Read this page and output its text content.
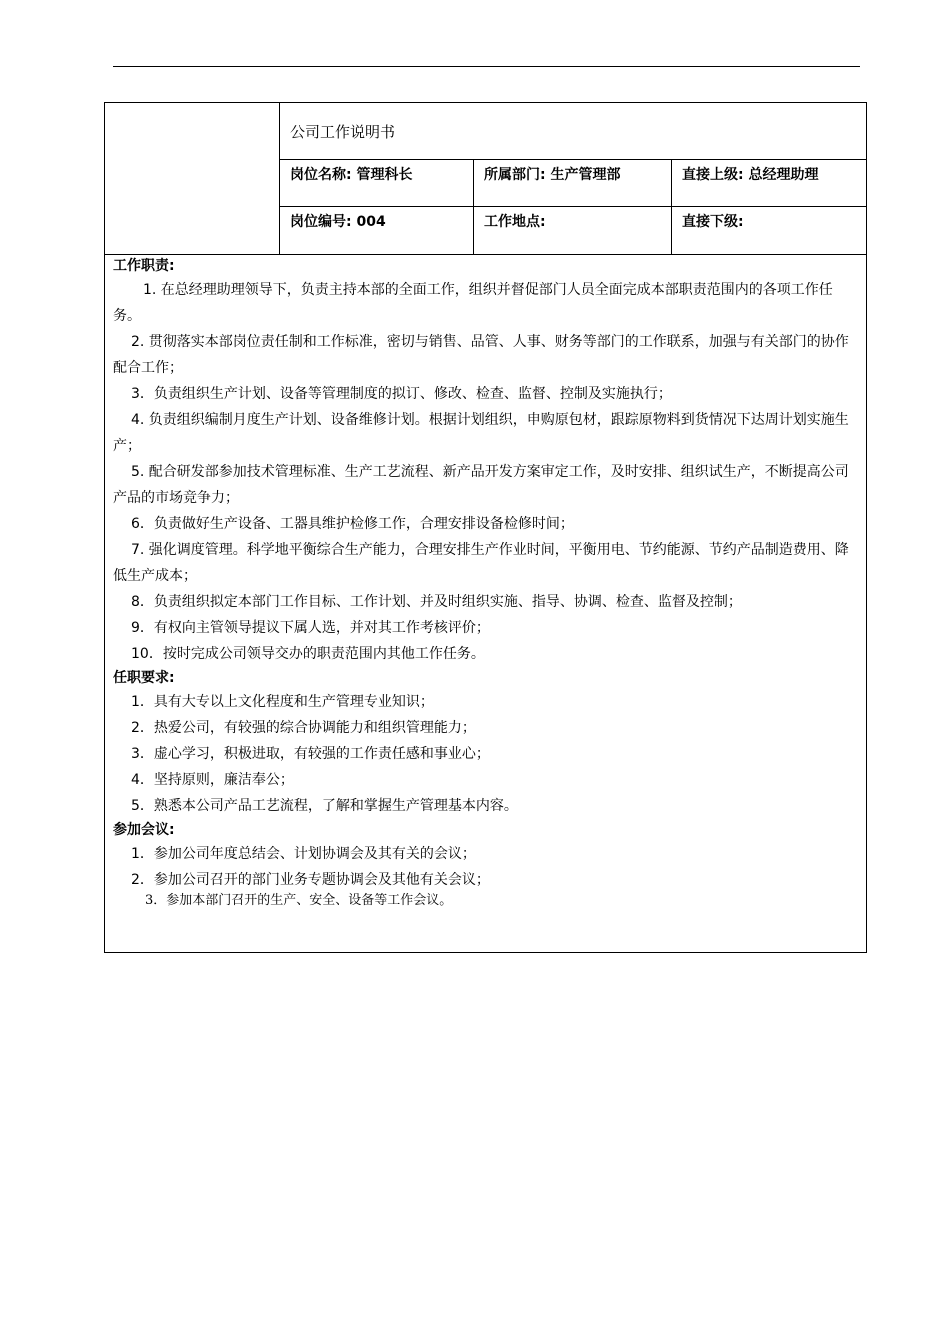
公司工作说明书
岗位名称: 管理科长	所属部门: 生产管理部	直接上级: 总经理助理
岗位编号: 004	工作地点:	直接下级:
工作职责:
1. 在总经理助理领导下，负责主持本部的全面工作，组织并督促部门人员全面完成本部职责范围内的各项工作任务。
2. 贯彻落实本部岗位责任制和工作标准，密切与销售、品管、人事、财务等部门的工作联系，加强与有关部门的协作配合工作；
3．负责组织生产计划、设备等管理制度的拟订、修改、检查、监督、控制及实施执行；
4. 负责组织编制月度生产计划、设备维修计划。根据计划组织，申购原包材，跟踪原物料到货情况下达周计划实施生产；
5. 配合研发部参加技术管理标准、生产工艺流程、新产品开发方案审定工作，及时安排、组织试生产，不断提高公司产品的市场竞争力；
6．负责做好生产设备、工器具维护检修工作，合理安排设备检修时间；
7. 强化调度管理。科学地平衡综合生产能力，合理安排生产作业时间，平衡用电、节约能源、节约产品制造费用、降低生产成本；
8．负责组织拟定本部门工作目标、工作计划、并及时组织实施、指导、协调、检查、监督及控制；
9．有权向主管领导提议下属人选，并对其工作考核评价；
10．按时完成公司领导交办的职责范围内其他工作任务。
任职要求:
1．具有大专以上文化程度和生产管理专业知识；
2．热爱公司，有较强的综合协调能力和组织管理能力；
3．虚心学习，积极进取，有较强的工作责任感和事业心；
4．坚持原则，廉洁奉公；
5．熟悉本公司产品工艺流程，了解和掌握生产管理基本内容。
参加会议:
1．参加公司年度总结会、计划协调会及其有关的会议；
2．参加公司召开的部门业务专题协调会及其他有关会议；
3．参加本部门召开的生产、安全、设备等工作会议。
